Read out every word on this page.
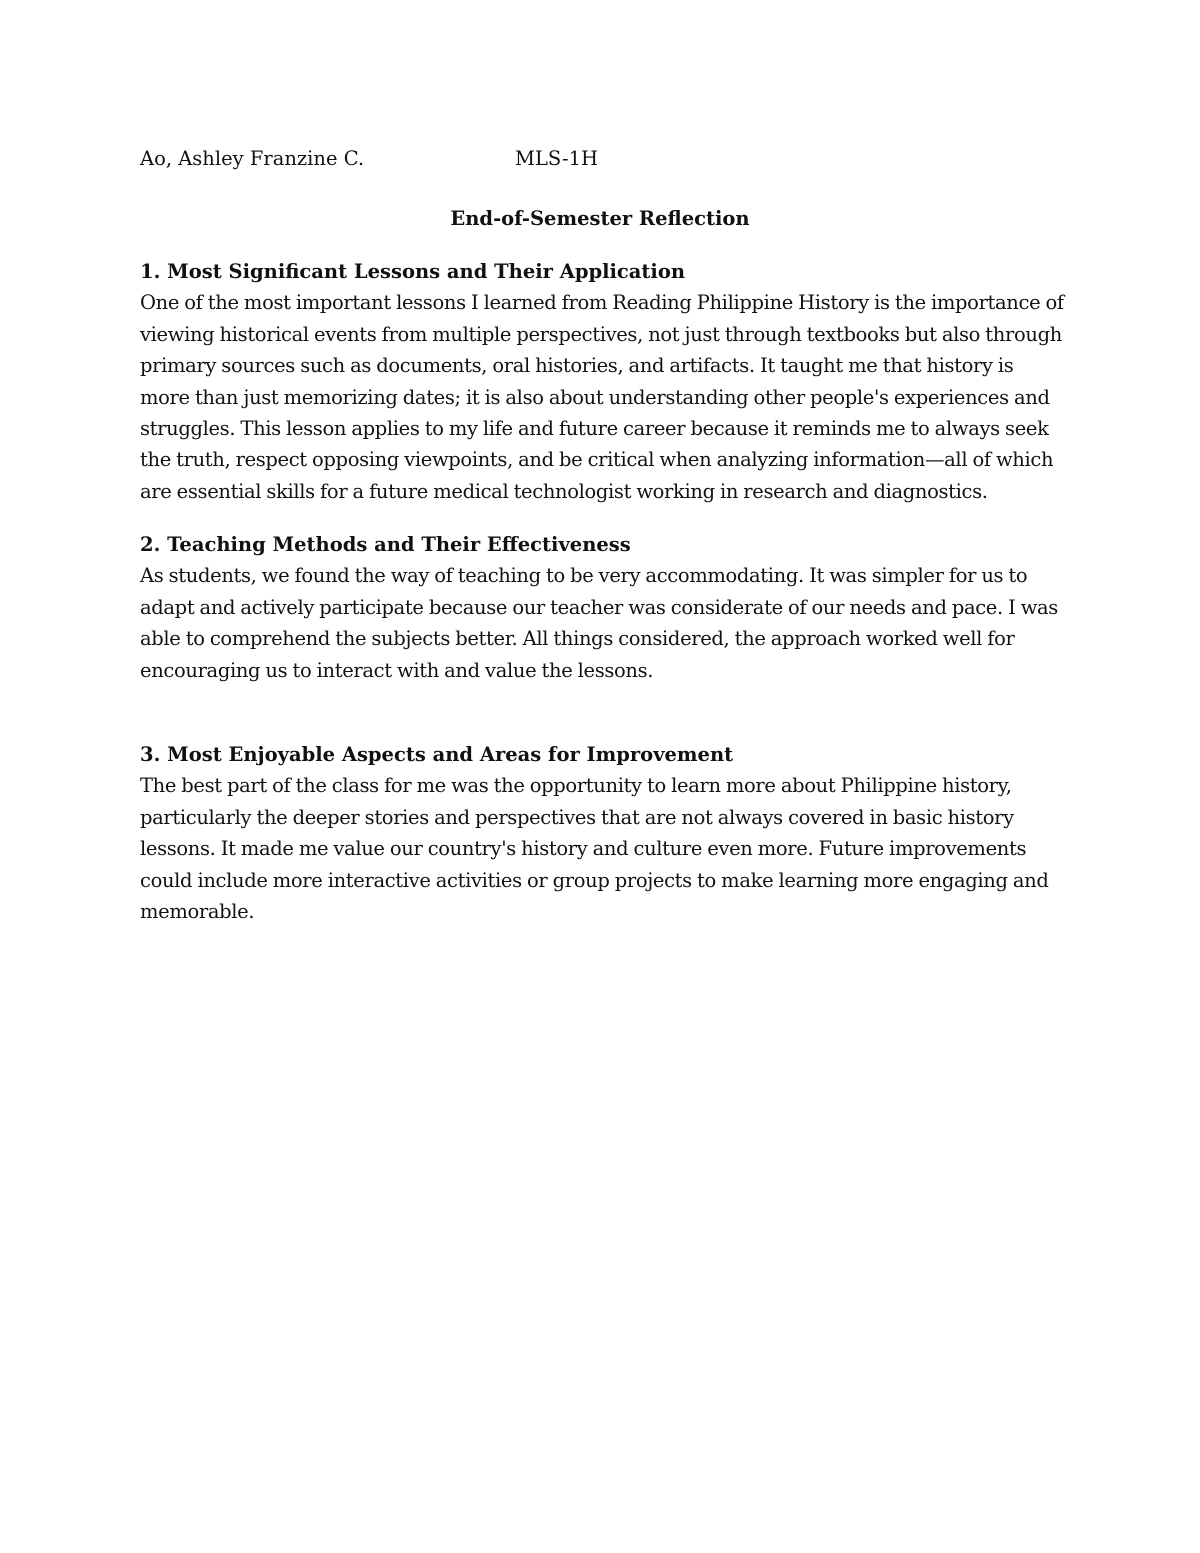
Ao, Ashley Franzine C.	MLS-1H
End-of-Semester Reflection
1. Most Significant Lessons and Their Application

One of the most important lessons I learned from Reading Philippine History is the importance of viewing historical events from multiple perspectives, not just through textbooks but also through primary sources such as documents, oral histories, and artifacts. It taught me that history is more than just memorizing dates; it is also about understanding other people's experiences and struggles. This lesson applies to my life and future career because it reminds me to always seek the truth, respect opposing viewpoints, and be critical when analyzing information—all of which are essential skills for a future medical technologist working in research and diagnostics.

2. Teaching Methods and Their Effectiveness

As students, we found the way of teaching to be very accommodating. It was simpler for us to adapt and actively participate because our teacher was considerate of our needs and pace. I was able to comprehend the subjects better. All things considered, the approach worked well for encouraging us to interact with and value the lessons.

3. Most Enjoyable Aspects and Areas for Improvement

The best part of the class for me was the opportunity to learn more about Philippine history, particularly the deeper stories and perspectives that are not always covered in basic history lessons. It made me value our country's history and culture even more. Future improvements could include more interactive activities or group projects to make learning more engaging and memorable.
